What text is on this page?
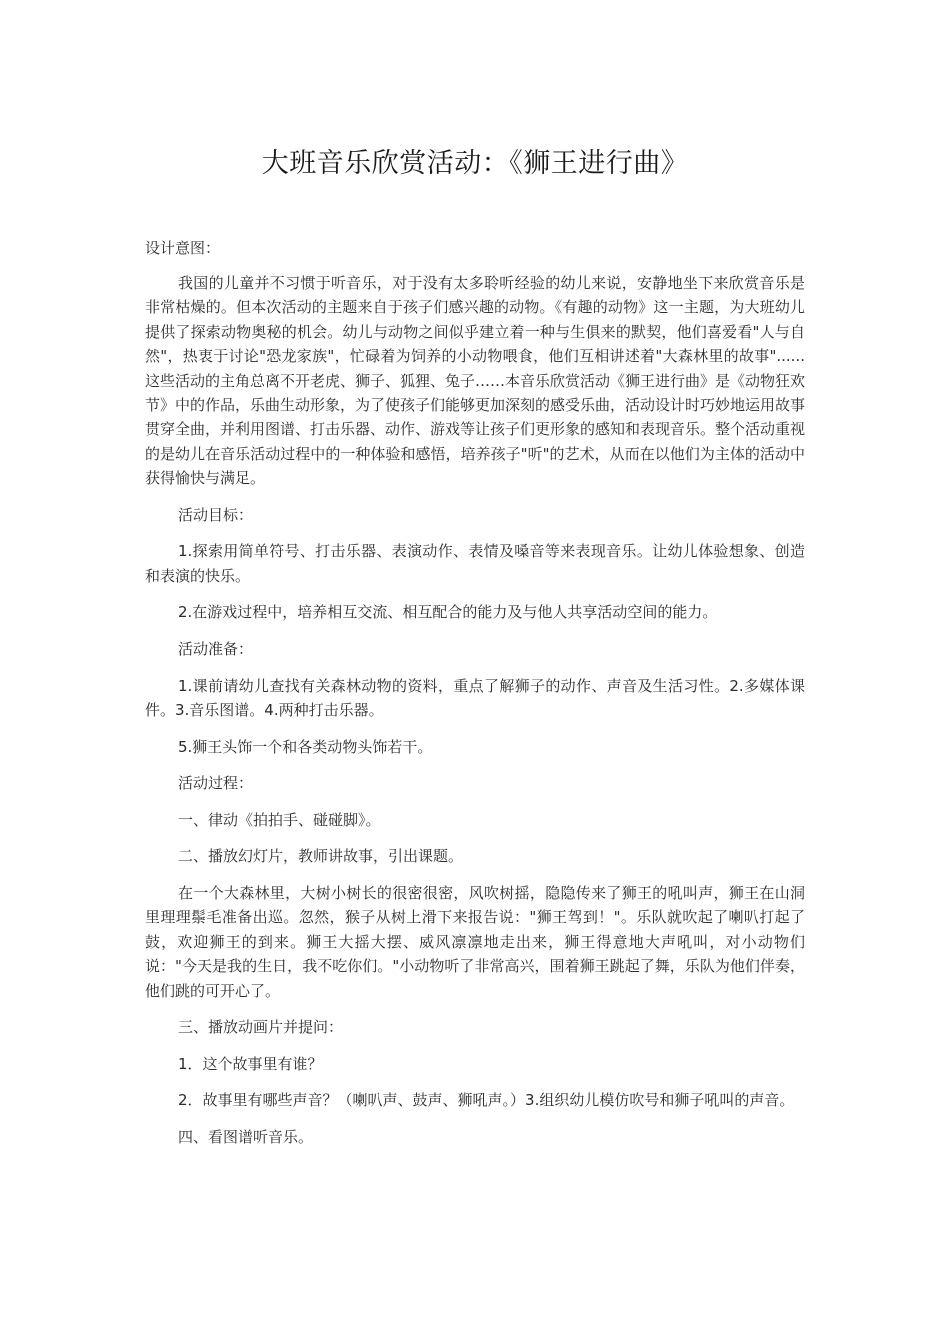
大班音乐欣赏活动：《狮王进行曲》

设计意图：

我国的儿童并不习惯于听音乐，对于没有太多聆听经验的幼儿来说，安静地坐下来欣赏音乐是非常枯燥的。但本次活动的主题来自于孩子们感兴趣的动物。《有趣的动物》这一主题，为大班幼儿提供了探索动物奥秘的机会。幼儿与动物之间似乎建立着一种与生俱来的默契，他们喜爱看"人与自然"，热衷于讨论"恐龙家族"，忙碌着为饲养的小动物喂食，他们互相讲述着"大森林里的故事"......这些活动的主角总离不开老虎、狮子、狐狸、兔子……本音乐欣赏活动《狮王进行曲》是《动物狂欢节》中的作品，乐曲生动形象，为了使孩子们能够更加深刻的感受乐曲，活动设计时巧妙地运用故事贯穿全曲，并利用图谱、打击乐器、动作、游戏等让孩子们更形象的感知和表现音乐。整个活动重视的是幼儿在音乐活动过程中的一种体验和感悟，培养孩子"听"的艺术，从而在以他们为主体的活动中获得愉快与满足。

活动目标：

1.探索用简单符号、打击乐器、表演动作、表情及嗓音等来表现音乐。让幼儿体验想象、创造和表演的快乐。

2.在游戏过程中，培养相互交流、相互配合的能力及与他人共享活动空间的能力。

活动准备：

1.课前请幼儿查找有关森林动物的资料，重点了解狮子的动作、声音及生活习性。2.多媒体课件。3.音乐图谱。4.两种打击乐器。

5.狮王头饰一个和各类动物头饰若干。

活动过程：

一、律动《拍拍手、碰碰脚》。

二、播放幻灯片，教师讲故事，引出课题。

在一个大森林里，大树小树长的很密很密，风吹树摇，隐隐传来了狮王的吼叫声，狮王在山洞里理理鬃毛准备出巡。忽然，猴子从树上滑下来报告说："狮王驾到！"。乐队就吹起了喇叭打起了鼓，欢迎狮王的到来。狮王大摇大摆、威风凛凛地走出来，狮王得意地大声吼叫，对小动物们说："今天是我的生日，我不吃你们。"小动物听了非常高兴，围着狮王跳起了舞，乐队为他们伴奏，他们跳的可开心了。

三、播放动画片并提问：

1．这个故事里有谁？

2．故事里有哪些声音？（喇叭声、鼓声、狮吼声。）3.组织幼儿模仿吹号和狮子吼叫的声音。

四、看图谱听音乐。
